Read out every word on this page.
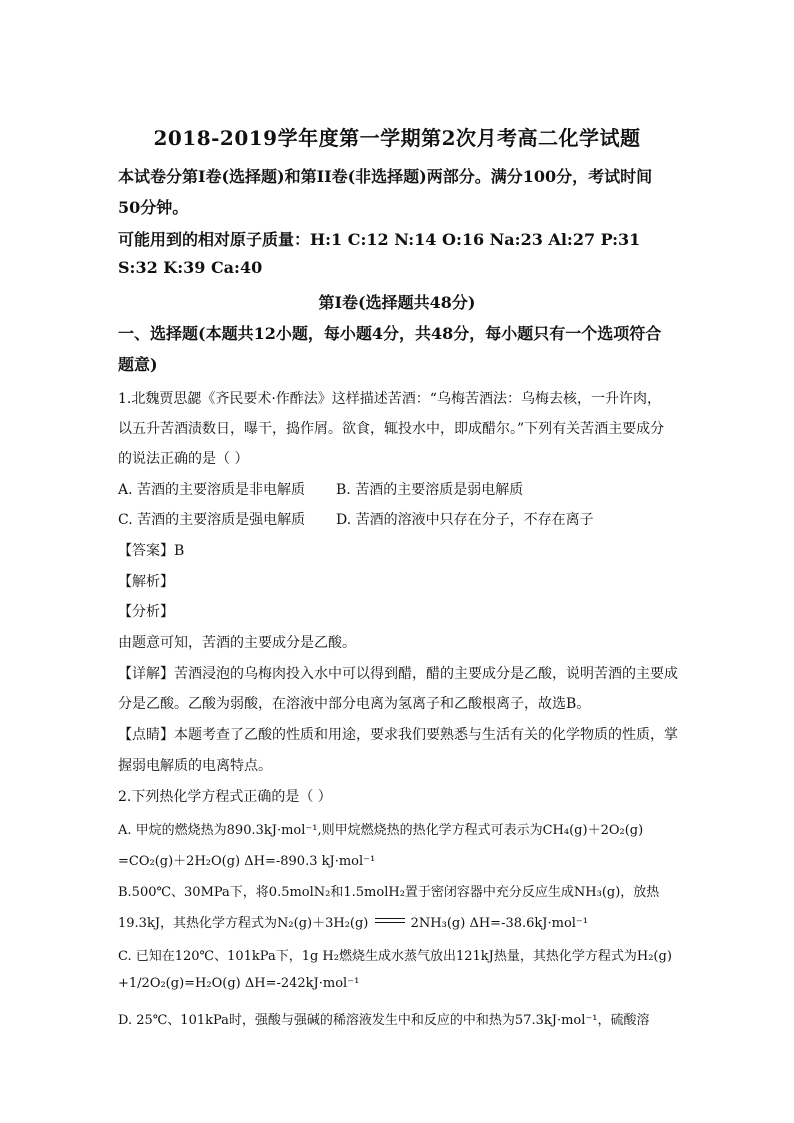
2018-2019学年度第一学期第2次月考高二化学试题
本试卷分第I卷(选择题)和第II卷(非选择题)两部分。满分100分，考试时间
50分钟。
可能用到的相对原子质量：H:1 C:12 N:14 O:16 Na:23 Al:27 P:31
S:32 K:39 Ca:40
第I卷(选择题共48分)
一、选择题(本题共12小题，每小题4分，共48分，每小题只有一个选项符合
题意)
1.北魏贾思勰《齐民要术·作酢法》这样描述苦酒：“乌梅苦酒法：乌梅去核，一升许肉，
以五升苦酒渍数日，曝干，捣作屑。欲食，辄投水中，即成醋尔。”下列有关苦酒主要成分
的说法正确的是（ ）
A. 苦酒的主要溶质是非电解质 B. 苦酒的主要溶质是弱电解质
C. 苦酒的主要溶质是强电解质 D. 苦酒的溶液中只存在分子，不存在离子
【答案】B
【解析】
【分析】
由题意可知，苦酒的主要成分是乙酸。
【详解】苦酒浸泡的乌梅肉投入水中可以得到醋，醋的主要成分是乙酸，说明苦酒的主要成
分是乙酸。乙酸为弱酸，在溶液中部分电离为氢离子和乙酸根离子，故选B。
【点睛】本题考查了乙酸的性质和用途，要求我们要熟悉与生活有关的化学物质的性质，掌
握弱电解质的电离特点。
2.下列热化学方程式正确的是（ ）
A. 甲烷的燃烧热为890.3kJ·mol⁻¹,则甲烷燃烧热的热化学方程式可表示为CH₄(g)＋2O₂(g)
=CO₂(g)＋2H₂O(g) ΔH=-890.3 kJ·mol⁻¹
B.500℃、30MPa下，将0.5molN₂和1.5molH₂置于密闭容器中充分反应生成NH₃(g)，放热
19.3kJ，其热化学方程式为N₂(g)＋3H₂(g)	2NH₃(g) ΔH=-38.6kJ·mol⁻¹
C. 已知在120℃、101kPa下，1g H₂燃烧生成水蒸气放出121kJ热量，其热化学方程式为H₂(g)
+1/2O₂(g)=H₂O(g) ΔH=-242kJ·mol⁻¹
D. 25℃、101kPa时，强酸与强碱的稀溶液发生中和反应的中和热为57.3kJ·mol⁻¹，硫酸溶
